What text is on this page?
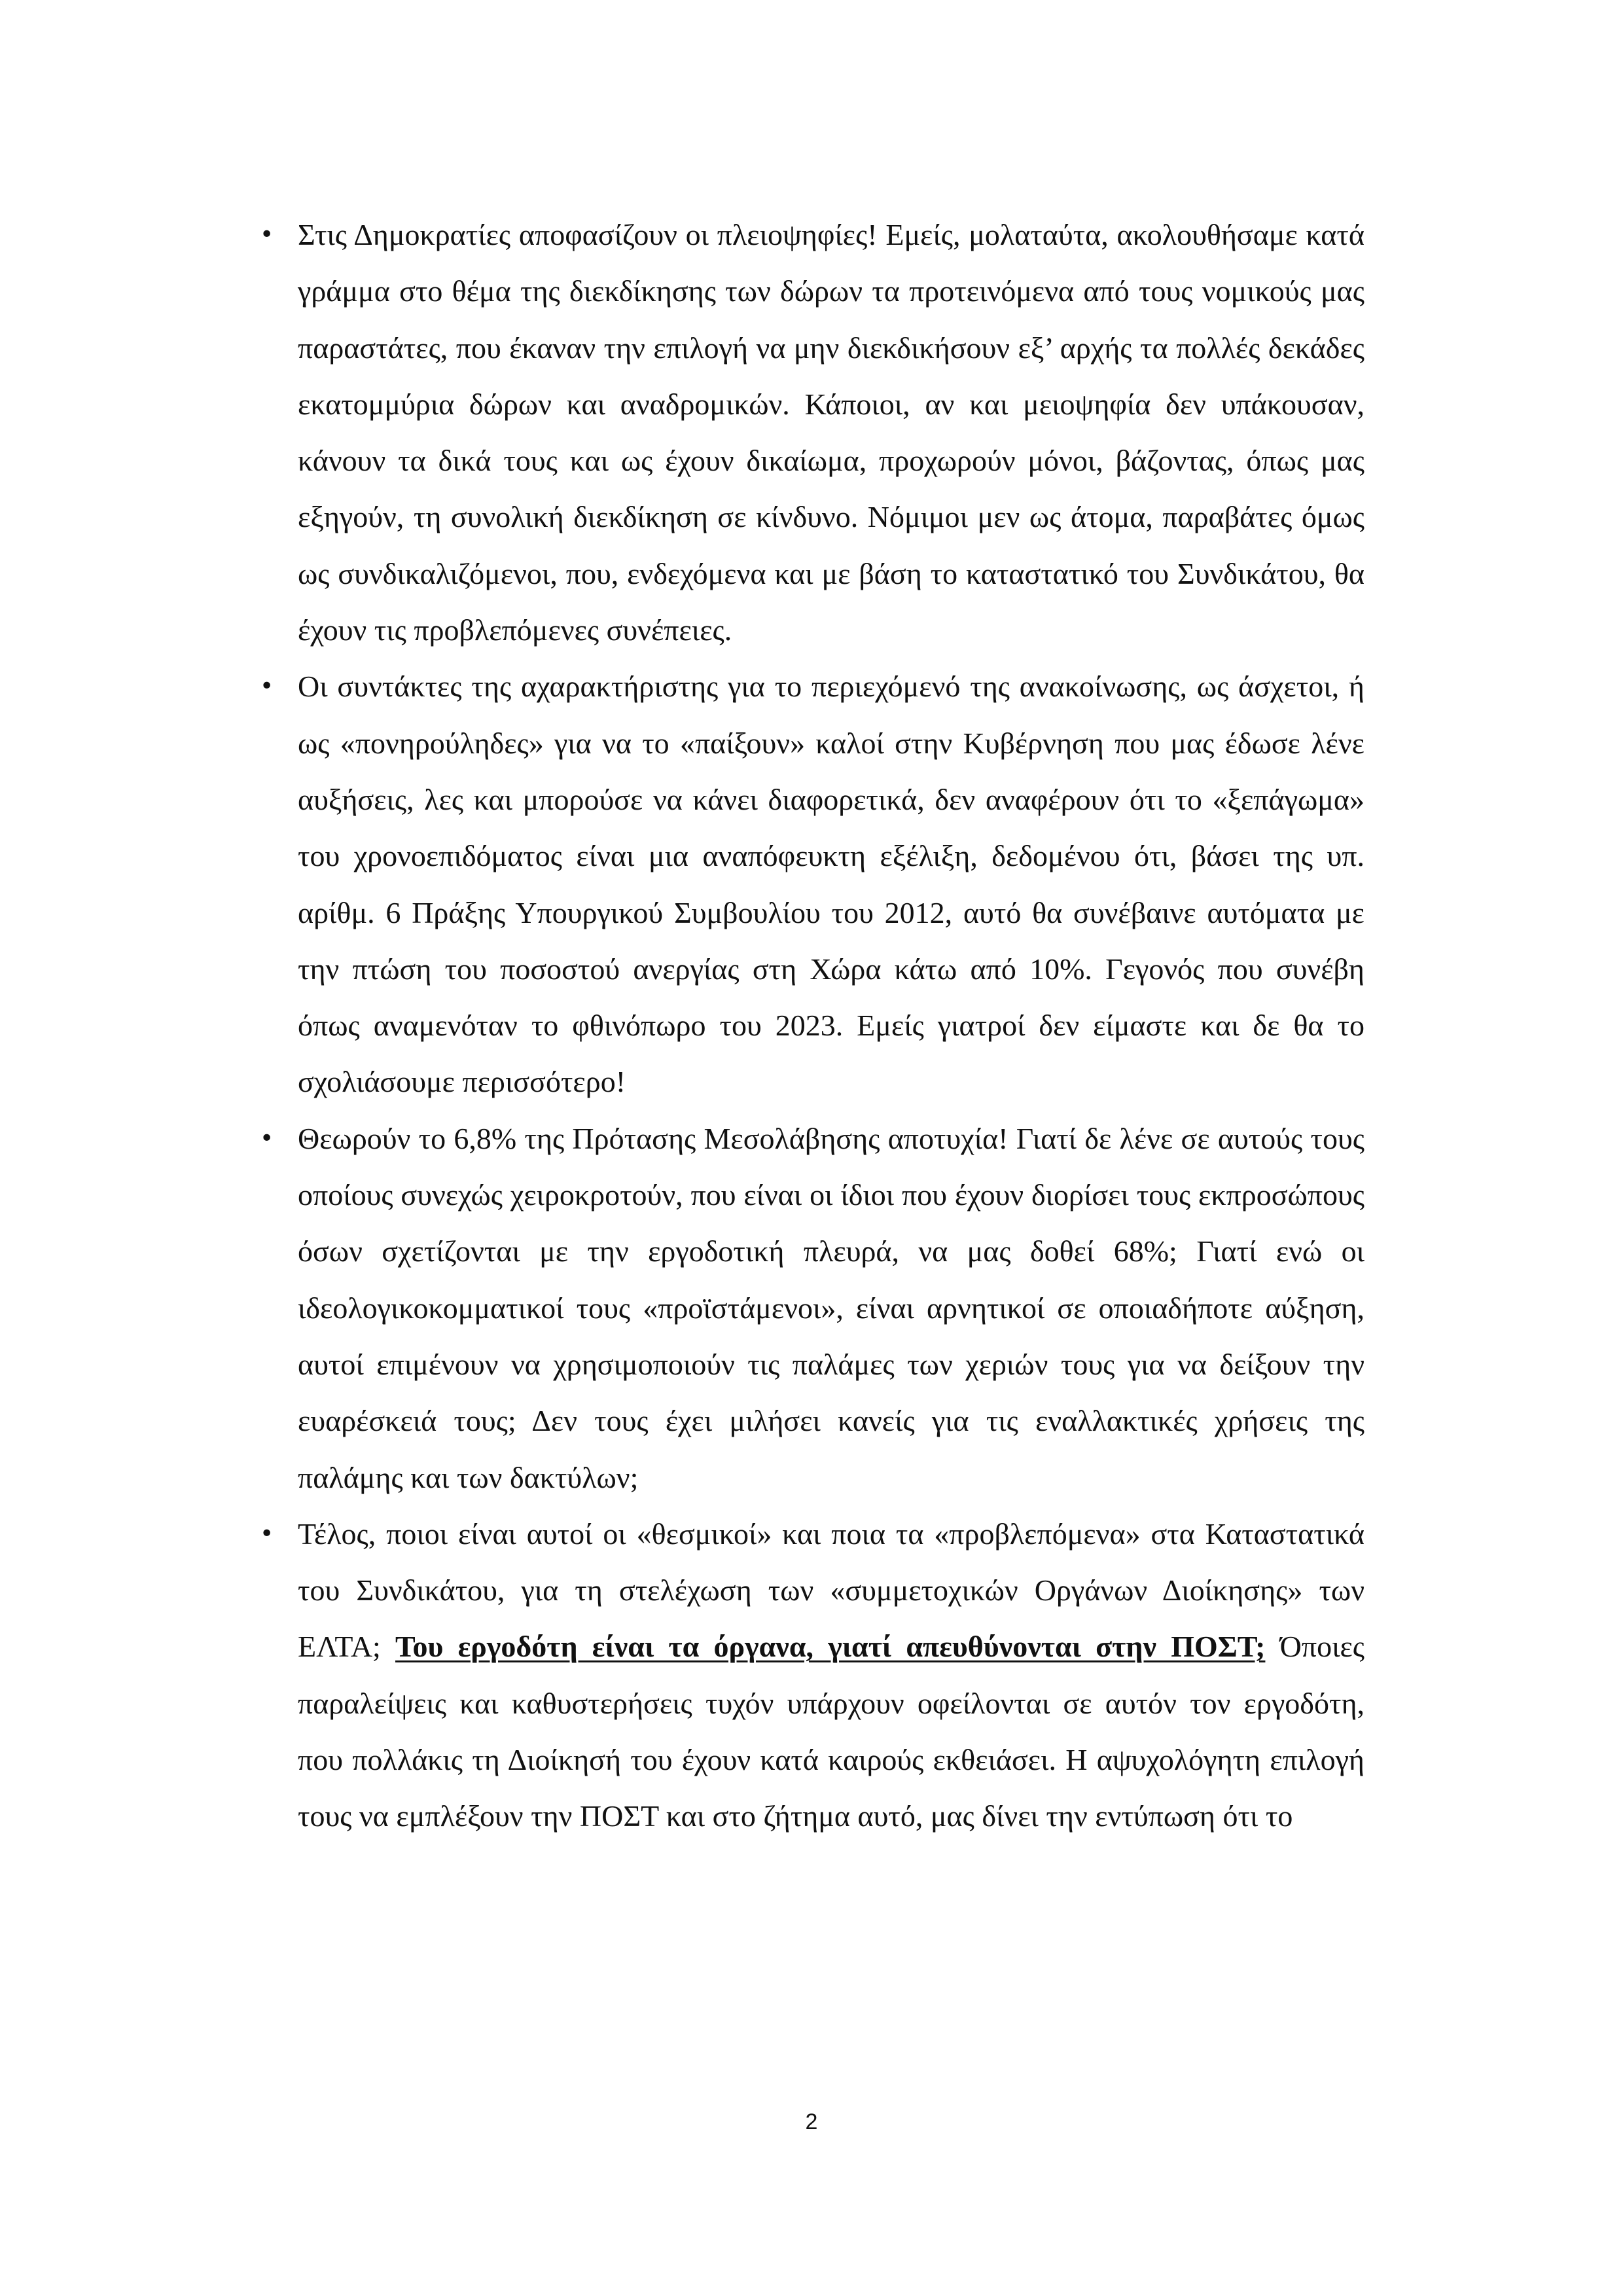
• Στις Δημοκρατίες αποφασίζουν οι πλειοψηφίες! Εμείς, μολαταύτα, ακολουθήσαμε κατά γράμμα στο θέμα της διεκδίκησης των δώρων τα προτεινόμενα από τους νομικούς μας παραστάτες, που έκαναν την επιλογή να μην διεκδικήσουν εξ’ αρχής τα πολλές δεκάδες εκατομμύρια δώρων και αναδρομικών. Κάποιοι, αν και μειοψηφία δεν υπάκουσαν, κάνουν τα δικά τους και ως έχουν δικαίωμα, προχωρούν μόνοι, βάζοντας, όπως μας εξηγούν, τη συνολική διεκδίκηση σε κίνδυνο. Νόμιμοι μεν ως άτομα, παραβάτες όμως ως συνδικαλιζόμενοι, που, ενδεχόμενα και με βάση το καταστατικό του Συνδικάτου, θα έχουν τις προβλεπόμενες συνέπειες.

• Οι συντάκτες της αχαρακτήριστης για το περιεχόμενό της ανακοίνωσης, ως άσχετοι, ή ως «πονηρούληδες» για να το «παίξουν» καλοί στην Κυβέρνηση που μας έδωσε λένε αυξήσεις, λες και μπορούσε να κάνει διαφορετικά, δεν αναφέρουν ότι το «ξεπάγωμα» του χρονοεπιδόματος είναι μια αναπόφευκτη εξέλιξη, δεδομένου ότι, βάσει της υπ. αρίθμ. 6 Πράξης Υπουργικού Συμβουλίου του 2012, αυτό θα συνέβαινε αυτόματα με την πτώση του ποσοστού ανεργίας στη Χώρα κάτω από 10%. Γεγονός που συνέβη όπως αναμενόταν το φθινόπωρο του 2023. Εμείς γιατροί δεν είμαστε και δε θα το σχολιάσουμε περισσότερο!

• Θεωρούν το 6,8% της Πρότασης Μεσολάβησης αποτυχία! Γιατί δε λένε σε αυτούς τους οποίους συνεχώς χειροκροτούν, που είναι οι ίδιοι που έχουν διορίσει τους εκπροσώπους όσων σχετίζονται με την εργοδοτική πλευρά, να μας δοθεί 68%; Γιατί ενώ οι ιδεολογικοκομματικοί τους «προϊστάμενοι», είναι αρνητικοί σε οποιαδήποτε αύξηση, αυτοί επιμένουν να χρησιμοποιούν τις παλάμες των χεριών τους για να δείξουν την ευαρέσκειά τους; Δεν τους έχει μιλήσει κανείς για τις εναλλακτικές χρήσεις της παλάμης και των δακτύλων;

• Τέλος, ποιοι είναι αυτοί οι «θεσμικοί» και ποια τα «προβλεπόμενα» στα Καταστατικά του Συνδικάτου, για τη στελέχωση των «συμμετοχικών Οργάνων Διοίκησης» των ΕΛΤΑ; Του εργοδότη είναι τα όργανα, γιατί απευθύνονται στην ΠΟΣΤ; Όποιες παραλείψεις και καθυστερήσεις τυχόν υπάρχουν οφείλονται σε αυτόν τον εργοδότη, που πολλάκις τη Διοίκησή του έχουν κατά καιρούς εκθειάσει. Η αψυχολόγητη επιλογή τους να εμπλέξουν την ΠΟΣΤ και στο ζήτημα αυτό, μας δίνει την εντύπωση ότι το

2
